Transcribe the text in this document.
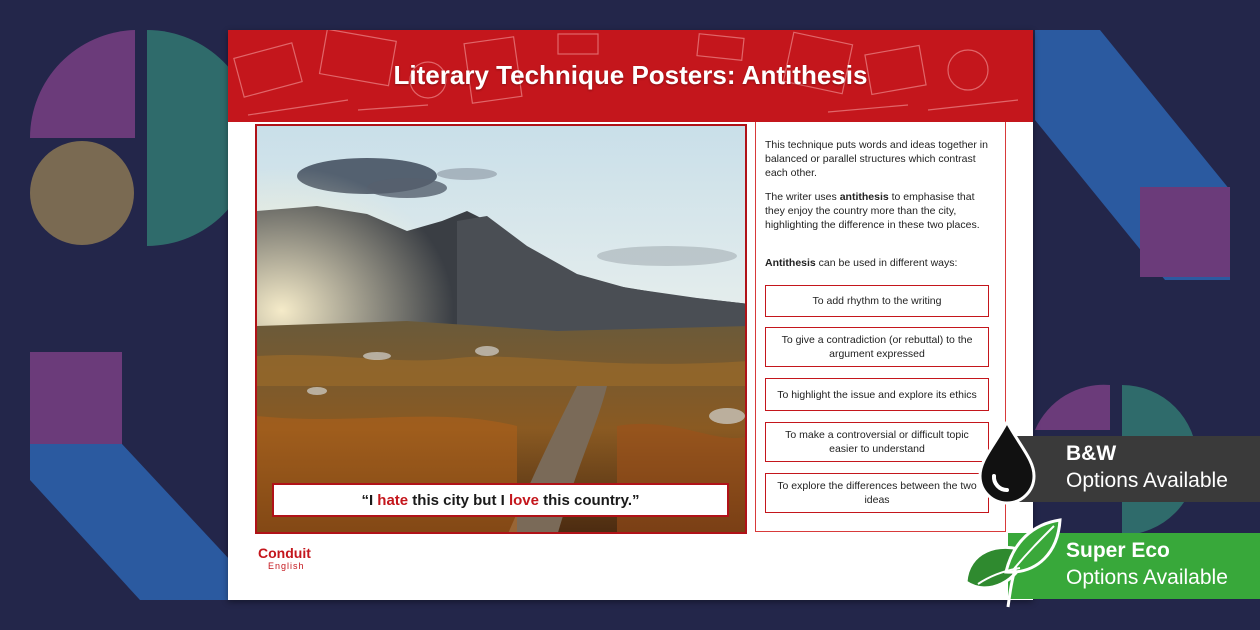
Literary Technique Posters: Antithesis
“I hate this city but I love this country.”
This technique puts words and ideas together in balanced or parallel structures which contrast each other.
The writer uses antithesis to emphasise that they enjoy the country more than the city, highlighting the difference in these two places.
Antithesis can be used in different ways:
To add rhythm to the writing
To give a contradiction (or rebuttal) to the argument expressed
To highlight the issue and explore its ethics
To make a controversial or difficult topic easier to understand
To explore the differences between the two ideas
Conduit
English
B&W
Options Available
Super Eco
Options Available
